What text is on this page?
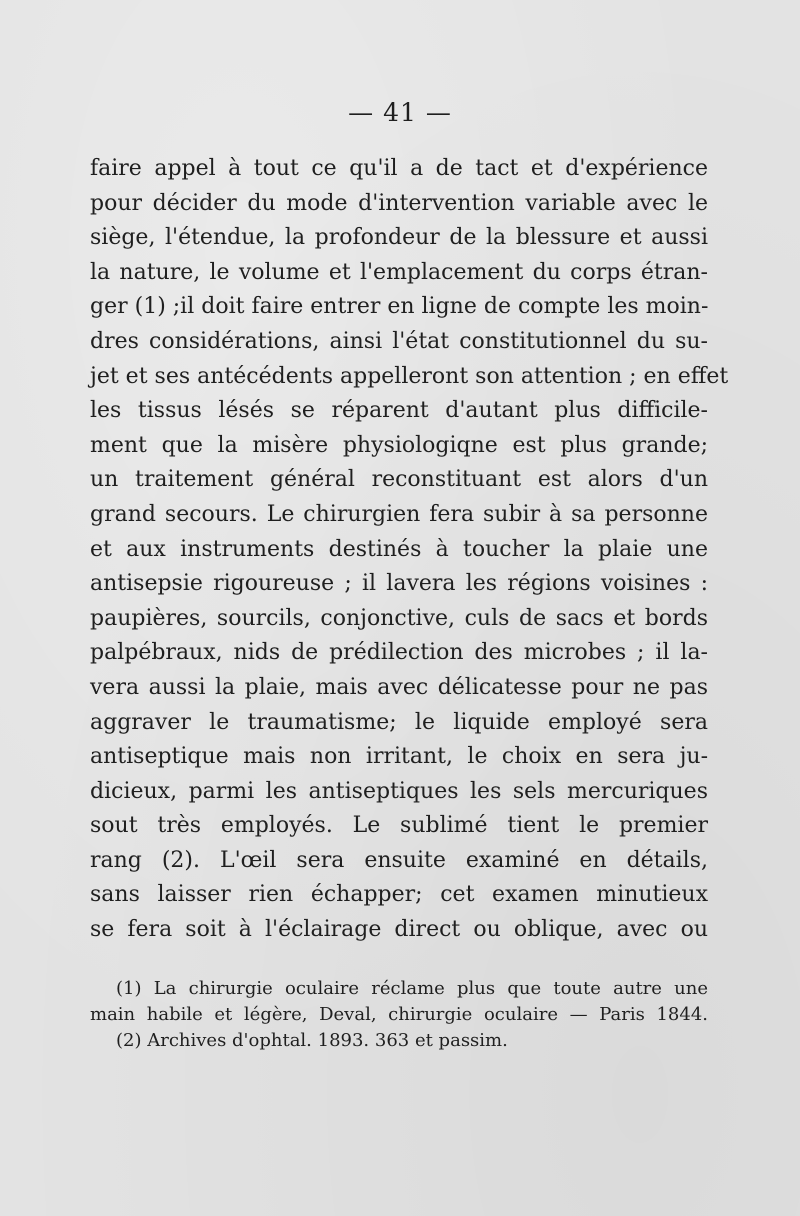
— 41 —

faire appel à tout ce qu'il a de tact et d'expérience
pour décider du mode d'intervention variable avec le
siège, l'étendue, la profondeur de la blessure et aussi
la nature, le volume et l'emplacement du corps étran-
ger (1) ;il doit faire entrer en ligne de compte les moin-
dres considérations, ainsi l'état constitutionnel du su-
jet et ses antécédents appelleront son attention ; en effet
les tissus lésés se réparent d'autant plus difficile-
ment que la misère physiologiqne est plus grande;
un traitement général reconstituant est alors d'un
grand secours. Le chirurgien fera subir à sa personne
et aux instruments destinés à toucher la plaie une
antisepsie rigoureuse ; il lavera les régions voisines :
paupières, sourcils, conjonctive, culs de sacs et bords
palpébraux, nids de prédilection des microbes ; il la-
vera aussi la plaie, mais avec délicatesse pour ne pas
aggraver le traumatisme; le liquide employé sera
antiseptique mais non irritant, le choix en sera ju-
dicieux, parmi les antiseptiques les sels mercuriques
sout très employés. Le sublimé tient le premier
rang (2). L'œil sera ensuite examiné en détails,
sans laisser rien échapper; cet examen minutieux
se fera soit à l'éclairage direct ou oblique, avec ou
(1) La chirurgie oculaire réclame plus que toute autre une
main habile et légère, Deval, chirurgie oculaire — Paris 1844.
(2) Archives d'ophtal. 1893. 363 et passim.
